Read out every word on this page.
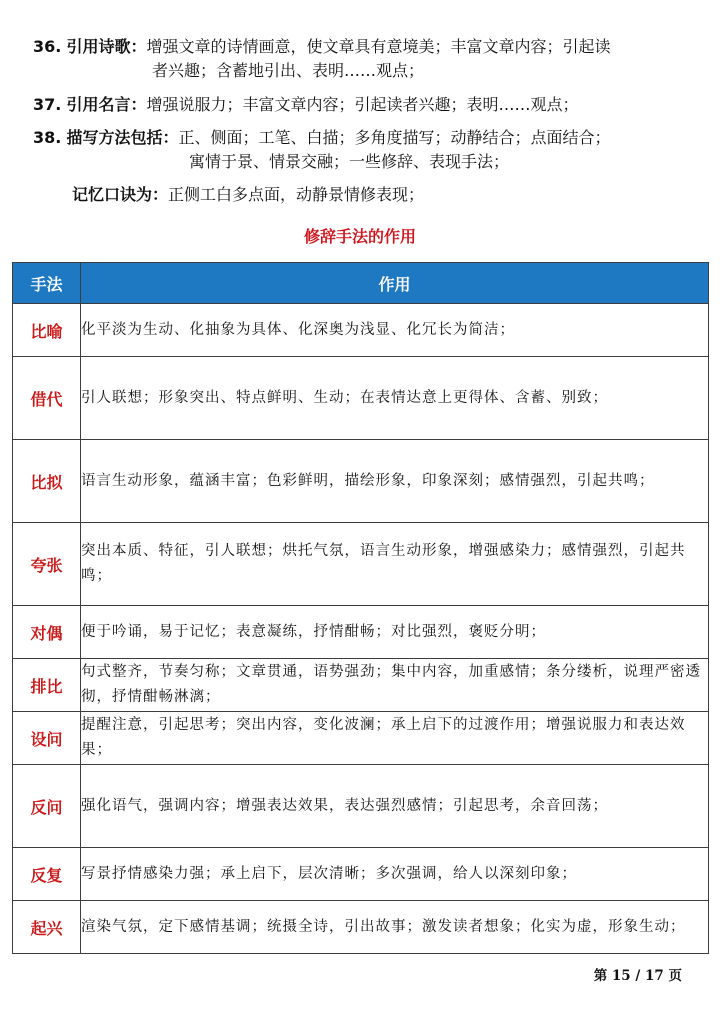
36. 引用诗歌：增强文章的诗情画意，使文章具有意境美；丰富文章内容；引起读
者兴趣；含蓄地引出、表明……观点；
37. 引用名言：增强说服力；丰富文章内容；引起读者兴趣；表明……观点；
38. 描写方法包括：正、侧面；工笔、白描；多角度描写；动静结合；点面结合；
寓情于景、情景交融；一些修辞、表现手法；
记忆口诀为：正侧工白多点面，动静景情修表现；
修辞手法的作用
手法	作用
比喻	化平淡为生动、化抽象为具体、化深奥为浅显、化冗长为简洁；
借代	引人联想；形象突出、特点鲜明、生动；在表情达意上更得体、含蓄、别致；
比拟	语言生动形象，蕴涵丰富；色彩鲜明，描绘形象，印象深刻；感情强烈，引起共鸣；
夸张	突出本质、特征，引人联想；烘托气氛，语言生动形象，增强感染力；感情强烈，引起共鸣；
对偶	便于吟诵，易于记忆；表意凝练，抒情酣畅；对比强烈，褒贬分明；
排比	句式整齐，节奏匀称；文章贯通，语势强劲；集中内容，加重感情；条分缕析，说理严密透彻，抒情酣畅淋漓；
设问	提醒注意，引起思考；突出内容，变化波澜；承上启下的过渡作用；增强说服力和表达效果；
反问	强化语气，强调内容；增强表达效果，表达强烈感情；引起思考，余音回荡；
反复	写景抒情感染力强；承上启下，层次清晰；多次强调，给人以深刻印象；
起兴	渲染气氛，定下感情基调；统摄全诗，引出故事；激发读者想象；化实为虚，形象生动；
第 15 / 17 页
